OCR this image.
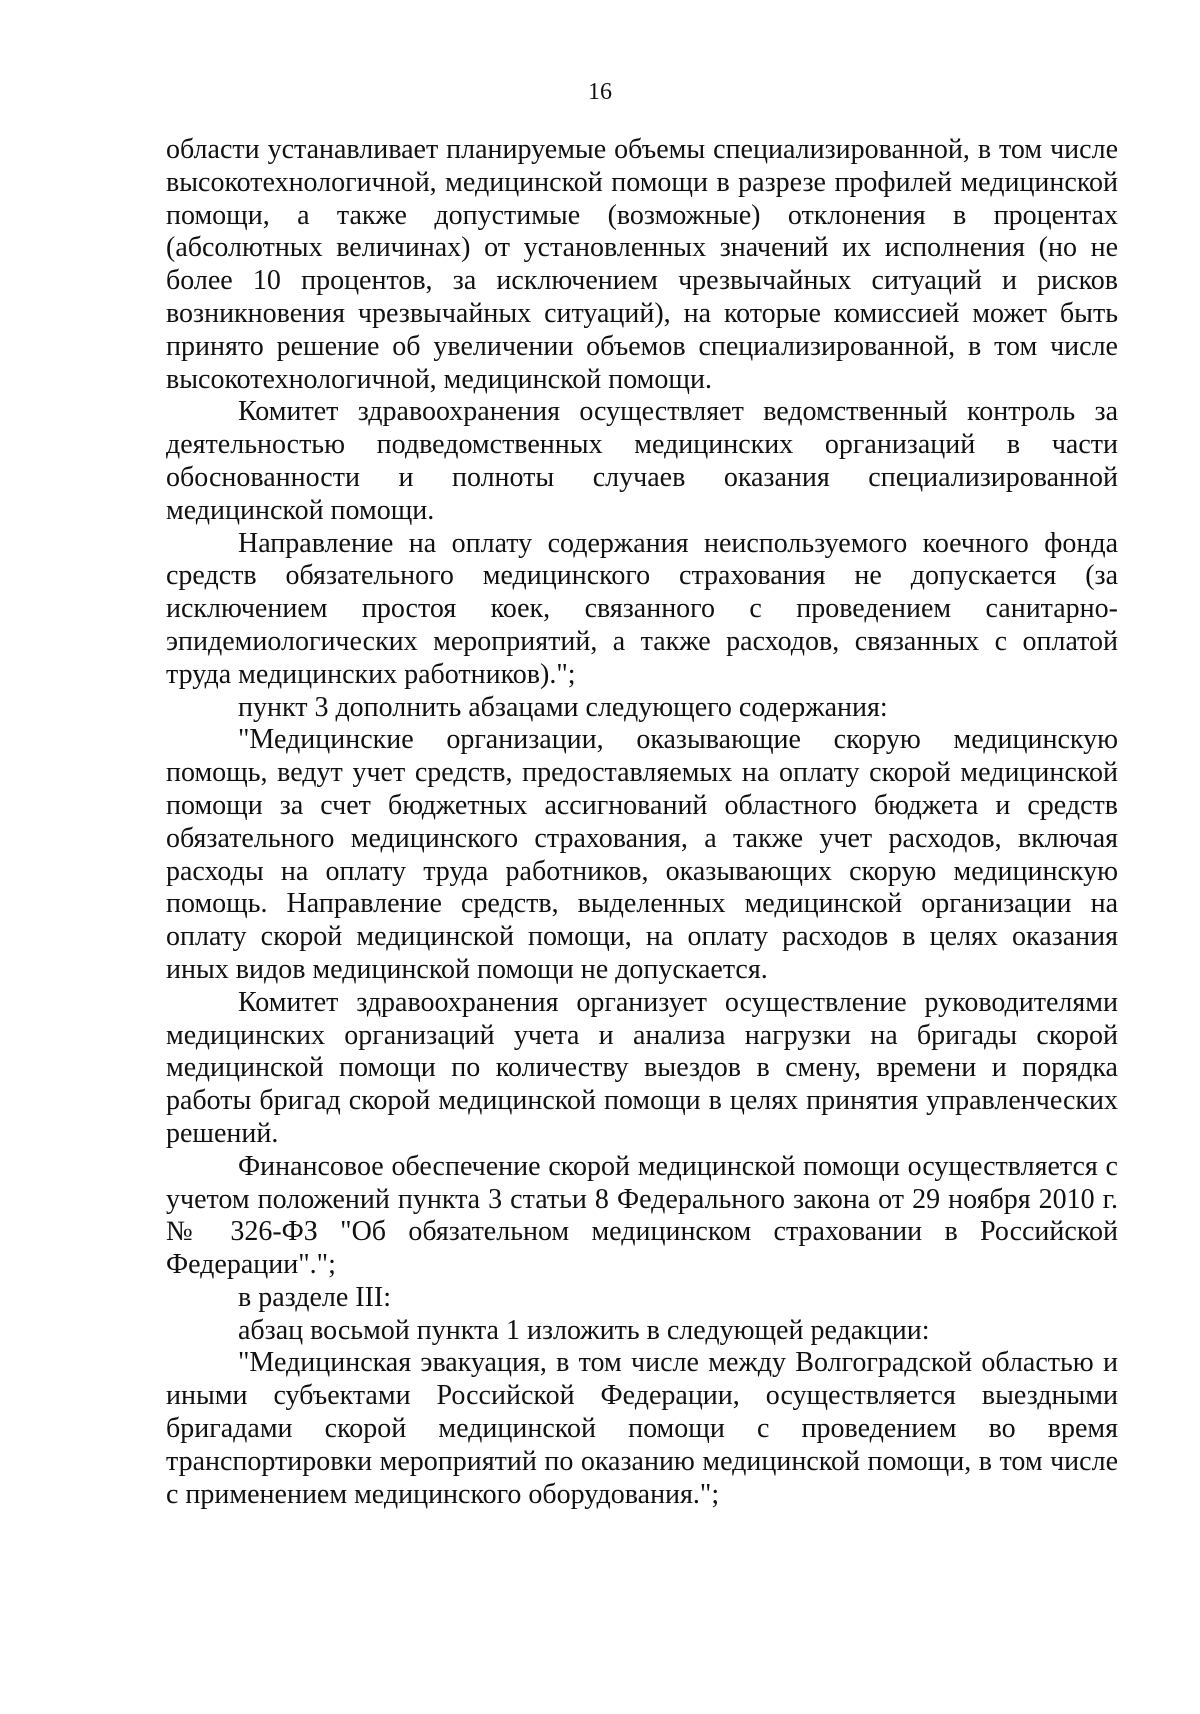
16

области устанавливает планируемые объемы специализированной, в том числе высокотехнологичной, медицинской помощи в разрезе профилей медицинской помощи, а также допустимые (возможные) отклонения в процентах (абсолютных величинах) от установленных значений их исполнения (но не более 10 процентов, за исключением чрезвычайных ситуаций и рисков возникновения чрезвычайных ситуаций), на которые комиссией может быть принято решение об увеличении объемов специализированной, в том числе высокотехнологичной, медицинской помощи.

Комитет здравоохранения осуществляет ведомственный контроль за деятельностью подведомственных медицинских организаций в части обоснованности и полноты случаев оказания специализированной медицинской помощи.

Направление на оплату содержания неиспользуемого коечного фонда средств обязательного медицинского страхования не допускается (за исключением простоя коек, связанного с проведением санитарно-эпидемиологических мероприятий, а также расходов, связанных с оплатой труда медицинских работников).";

пункт 3 дополнить абзацами следующего содержания:

"Медицинские организации, оказывающие скорую медицинскую помощь, ведут учет средств, предоставляемых на оплату скорой медицинской помощи за счет бюджетных ассигнований областного бюджета и средств обязательного медицинского страхования, а также учет расходов, включая расходы на оплату труда работников, оказывающих скорую медицинскую помощь. Направление средств, выделенных медицинской организации на оплату скорой медицинской помощи, на оплату расходов в целях оказания иных видов медицинской помощи не допускается.

Комитет здравоохранения организует осуществление руководителями медицинских организаций учета и анализа нагрузки на бригады скорой медицинской помощи по количеству выездов в смену, времени и порядка работы бригад скорой медицинской помощи в целях принятия управленческих решений.

Финансовое обеспечение скорой медицинской помощи осуществляется с учетом положений пункта 3 статьи 8 Федерального закона от 29 ноября 2010 г. № 326-ФЗ "Об обязательном медицинском страховании в Российской Федерации".";

в разделе III:

абзац восьмой пункта 1 изложить в следующей редакции:

"Медицинская эвакуация, в том числе между Волгоградской областью и иными субъектами Российской Федерации, осуществляется выездными бригадами скорой медицинской помощи с проведением во время транспортировки мероприятий по оказанию медицинской помощи, в том числе с применением медицинского оборудования.";
